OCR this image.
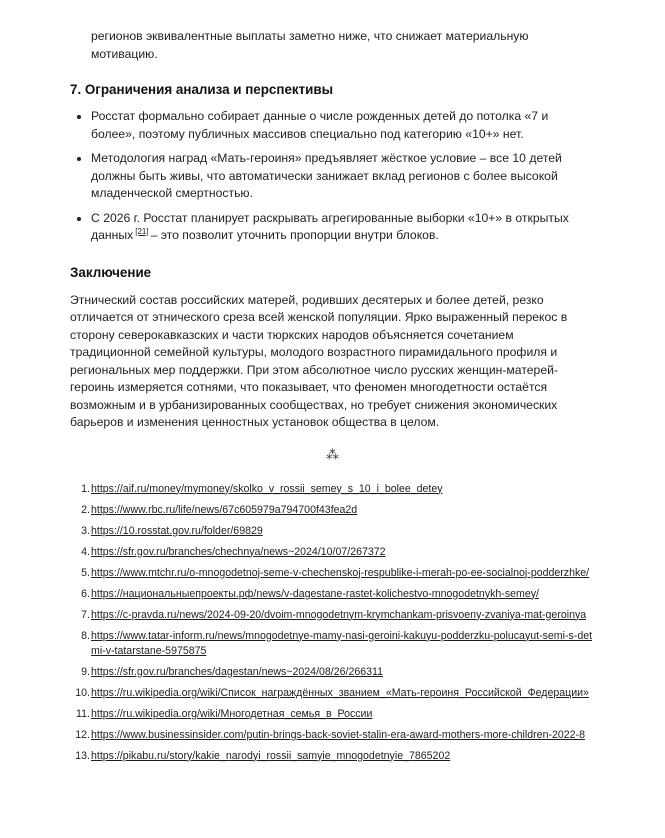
регионов эквивалентные выплаты заметно ниже, что снижает материальную мотивацию.

7. Ограничения анализа и перспективы
Росстат формально собирает данные о числе рожденных детей до потолка «7 и более», поэтому публичных массивов специально под категорию «10+» нет.
Методология наград «Мать-героиня» предъявляет жёсткое условие – все 10 детей должны быть живы, что автоматически занижает вклад регионов с более высокой младенческой смертностью.
С 2026 г. Росстат планирует раскрывать агрегированные выборки «10+» в открытых данных [21] – это позволит уточнить пропорции внутри блоков.
Заключение

Этнический состав российских матерей, родивших десятерых и более детей, резко отличается от этнического среза всей женской популяции. Ярко выраженный перекос в сторону северокавказских и части тюркских народов объясняется сочетанием традиционной семейной культуры, молодого возрастного пирамидального профиля и региональных мер поддержки. При этом абсолютное число русских женщин-матерей-героинь измеряется сотнями, что показывает, что феномен многодетности остаётся возможным и в урбанизированных сообществах, но требует снижения экономических барьеров и изменения ценностных установок общества в целом.

⁂
1. https://aif.ru/money/mymoney/skolko_v_rossii_semey_s_10_i_bolee_detey
2. https://www.rbc.ru/life/news/67c605979a794700f43fea2d
3. https://10.rosstat.gov.ru/folder/69829
4. https://sfr.gov.ru/branches/chechnya/news~2024/10/07/267372
5. https://www.mtchr.ru/o-mnogodetnoj-seme-v-chechenskoj-respublike-i-merah-po-ee-socialnoj-podderzhke/
6. https://национальныепроекты.рф/news/v-dagestane-rastet-kolichestvo-mnogodetnykh-semey/
7. https://c-pravda.ru/news/2024-09-20/dvoim-mnogodetnym-krymchankam-prisvoeny-zvaniya-mat-geroinya
8. https://www.tatar-inform.ru/news/mnogodetnye-mamy-nasi-geroini-kakuyu-podderzku-polucayut-semi-s-detmi-v-tatarstane-5975875
9. https://sfr.gov.ru/branches/dagestan/news~2024/08/26/266311
10. https://ru.wikipedia.org/wiki/Список_награждённых_званием_«Мать-героиня_Российской_Федерации»
11. https://ru.wikipedia.org/wiki/Многодетная_семья_в_России
12. https://www.businessinsider.com/putin-brings-back-soviet-stalin-era-award-mothers-more-children-2022-8
13. https://pikabu.ru/story/kakie_narodyi_rossii_samyie_mnogodetnyie_7865202
